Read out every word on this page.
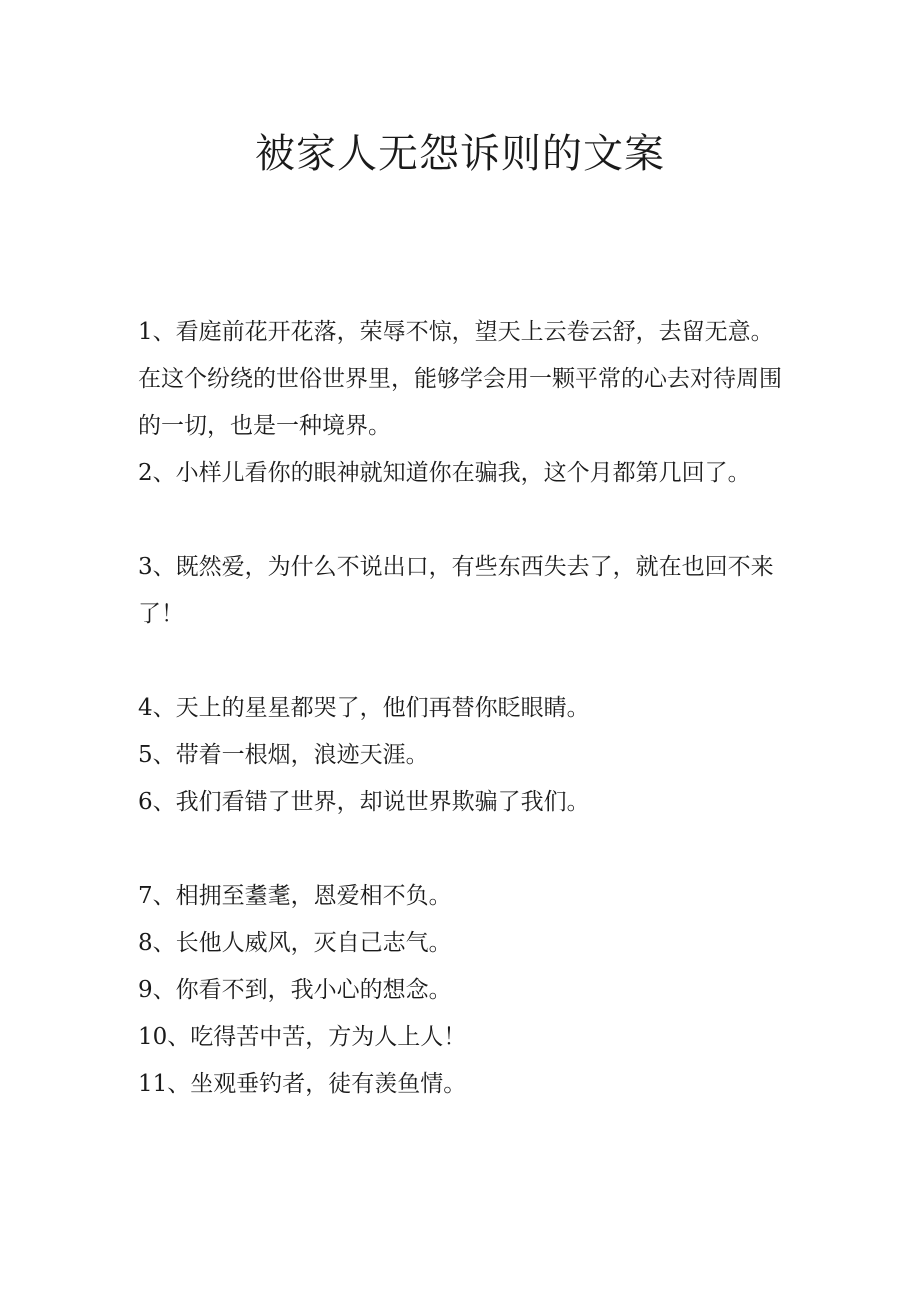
被家人无怨诉则的文案

1、看庭前花开花落，荣辱不惊，望天上云卷云舒，去留无意。在这个纷绕的世俗世界里，能够学会用一颗平常的心去对待周围的一切，也是一种境界。

2、小样儿看你的眼神就知道你在骗我，这个月都第几回了。

3、既然爱，为什么不说出口，有些东西失去了，就在也回不来了！

4、天上的星星都哭了，他们再替你眨眼睛。

5、带着一根烟，浪迹天涯。

6、我们看错了世界，却说世界欺骗了我们。

7、相拥至耋耄，恩爱相不负。

8、长他人威风，灭自己志气。

9、你看不到，我小心的想念。

10、吃得苦中苦，方为人上人！

11、坐观垂钓者，徒有羡鱼情。
